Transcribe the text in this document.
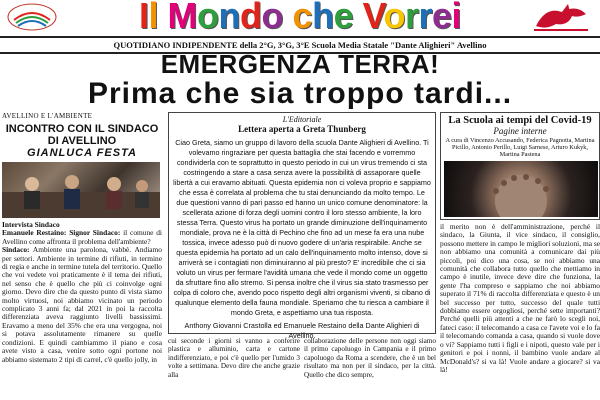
Il Mondo che Vorrei
QUOTIDIANO INDIPENDENTE della 2°G, 3°G, 3°E Scuola Media Statale "Dante Alighieri" Avellino
EMERGENZA TERRA!
Prima che sia troppo tardi...
AVELLINO E L'AMBIENTE
INCONTRO CON IL SINDACO DI AVELLINO
GIANLUCA FESTA
Intervista Sindaco
Emanuele Restaino: Signor Sindaco: il comune di Avellino come affronta il problema dell'ambiente?
Sindaco: Ambiente una parolona, vabbè. Andiamo per settori. Ambiente in termine di rifiuti, in termine di regia e anche in termine tutela del territorio. Quello che voi vedete voi praticamente è il tema dei rifiuti, nel senso che è quello che più ci coinvolge ogni giorno. Devo dire che da questo punto di vista siamo molto virtuosi, noi abbiamo vicinato un periodo complicato 3 anni fa; dal 2021 in poi la raccolta differenziata aveva raggiunto livelli bassissimi. Eravamo a meno del 35% che era una vergogna, noi si potava assolutamente rimanere su quelle condizioni. E quindi cambiammo il piano e cosa avete visto a casa, venire sotto ogni portone noi abbiamo sistemato 2 tipi di carrel, c'è quello jolly, in
L'Editoriale
Lettera aperta a Greta Thunberg
Ciao Greta, siamo un gruppo di lavoro della scuola Dante Alighieri di Avellino. Ti volevamo ringraziare per questa battaglia che stai facendo e vorremmo condividerla con te soprattutto in questo periodo in cui un virus tremendo ci sta costringendo a stare a casa senza avere la possibilità di assaporare quelle libertà a cui eravamo abituati. Questa epidemia non ci voleva proprio e sappiamo che essa è correlata al problema che tu stai denunciando da molto tempo. Le due questioni vanno di pari passo ed hanno un unico comune denominatore: la scellerata azione di forza degli uomini contro il loro stesso ambiente, la loro stessa Terra. Questo virus ha portato un grande diminuzione dell'inquinamento mondiale, prova ne è la città di Pechino che fino ad un mese fa era una nube tossica, invece adesso può di nuovo godere di un'aria respirabile. Anche se questa epidemia ha portato ad un calo dell'inquinamento molto intenso, dove si arriverà se i contagiati non diminuiranno al più presto? E' incredibile che ci sia voluto un virus per fermare l'avidità umana che vede il mondo come un oggetto da sfruttare fino allo stremo. Si pensa inoltre che il virus sia stato trasmesso per colpa di coloro che, avendo poco rispetto degli altri organismi viventi, si cibano di qualunque elemento della fauna mondiale. Speriamo che tu riesca a cambiare il mondo Greta, e aspettiamo una tua risposta.
Anthony Giovanni Crastolla ed Emanuele Restaino della Dante Alighieri di Avellino.
cui seconde i giorni si vanno a conferire plastica e alluminio, carta e cartone indifferenziato, e poi c'è quello per l'umido 3 volte a settimana. Devo dire che anche grazie alla
collaborazione delle persone non oggi siamo il primo capoluogo in Campania e il primo capoluogo da Roma a scendere, che è un bel risultato ma non per il sindaco, per la città. Quello che dico sempre,
La Scuola ai tempi del Covid-19
Pagine interne
A cura di Vincenzo Accusando, Federica Pagnotta, Martina Picillo, Antonio Perillo, Luigi Sarnese, Arturo Kukyk, Martina Pastena
il merito non è dell'amministrazione, perché il sindaco, la Giunta, il vice sindaco, il consiglio, possono mettere in campo le migliori soluzioni, ma se non abbiamo una comunità a comunicare dai più piccoli, poi dico una cosa, se noi abbiamo una comunità che collabora tutto quello che mettiamo in campo è inutile, invece deve dire che funziona, la gente l'ha compreso e sappiamo che noi abbiamo superato il 71% di raccolta differenziata e questo è un bel successo per tutto, successo del quale tutti dobbiamo essere orgogliosi, perché sette importanti? Perché quelli più attenti a che ne farò lo scegli noi, fateci caso: il telecomando a casa ce l'avete voi e lo fa il telecomando comanda a casa, quando si vuole dove o vi? Sappiamo tutti i figli e i nipoti, questo vale per i genitori e poi i nonni, il bambino vuole andare al McDonald's? si va là! Vuole andare a giocare? si va là!
